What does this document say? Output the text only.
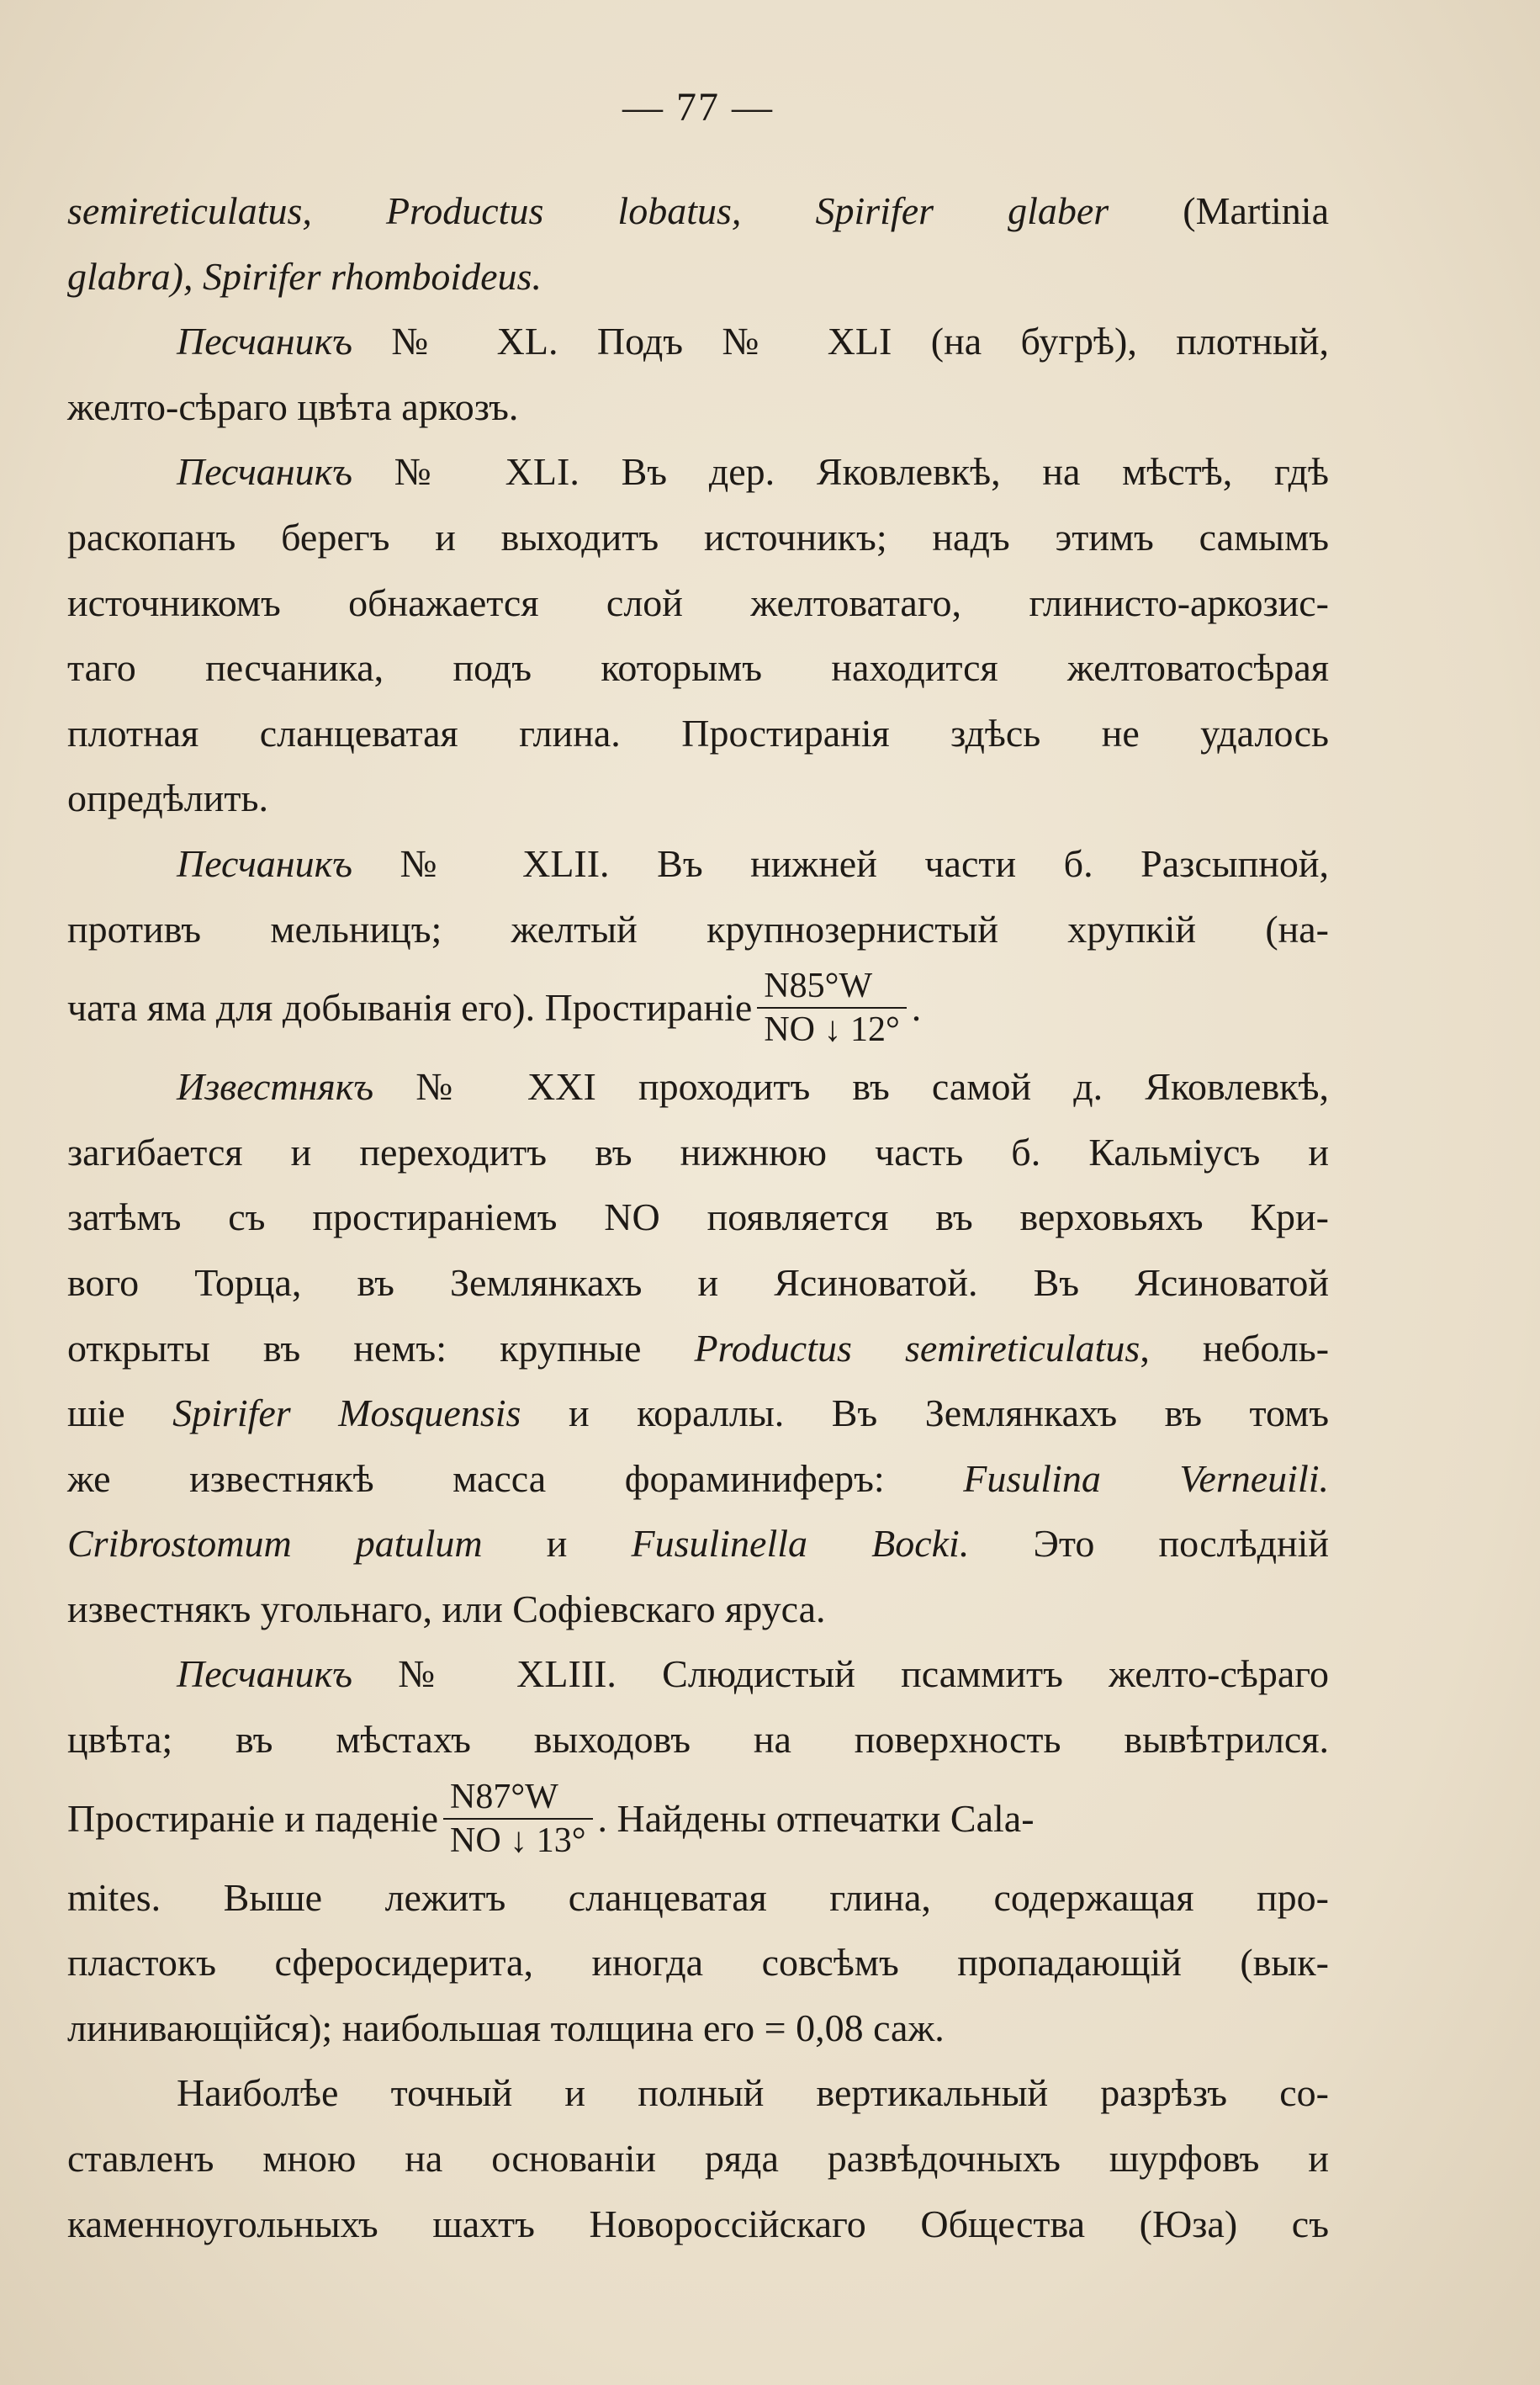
— 77 —
semireticulatus, Productus lobatus, Spirifer glaber (Martinia
glabra), Spirifer rhomboideus.
Песчаникъ № XL. Подъ № XLI (на бугрѣ), плотный,
желто-сѣраго цвѣта аркозъ.
Песчаникъ № XLI. Въ дер. Яковлевкѣ, на мѣстѣ, гдѣ
раскопанъ берегъ и выходитъ источникъ; надъ этимъ самымъ
источникомъ обнажается слой желтоватаго, глинисто-аркозис-
таго песчаника, подъ которымъ находится желтоватосѣрая
плотная сланцеватая глина. Простиранія здѣсь не удалось
опредѣлить.
Песчаникъ № XLII. Въ нижней части б. Разсыпной,
противъ мельницъ; желтый крупнозернистый хрупкій (на-
чата яма для добыванія его). Простираніе $\frac{N85^\circ W}{NO ↓ 12^\circ}$ .
Известнякъ № XXI проходитъ въ самой д. Яковлевкѣ,
загибается и переходитъ въ нижнюю часть б. Кальміусъ и
затѣмъ съ простираніемъ NO появляется въ верховьяхъ Кри-
вого Торца, въ Землянкахъ и Ясиноватой. Въ Ясиноватой
открыты въ немъ: крупные Productus semireticulatus, неболь-
шіе Spirifer Mosquensis и кораллы. Въ Землянкахъ въ томъ
же известнякѣ масса фораминиферъ: Fusulina Verneuili.
Cribrostomum patulum и Fusulinella Bocki. Это послѣдній
известнякъ угольнаго, или Софіевскаго яруса.
Песчаникъ № XLIII. Слюдистый псаммитъ желто-сѣраго
цвѣта; въ мѣстахъ выходовъ на поверхность вывѣтрился.
Простираніе и паденіе $\frac{N87^\circ W}{NO ↓ 13^\circ}$ . Найдены отпечатки Cala-
mites. Выше лежитъ сланцеватая глина, содержащая про-
пластокъ сферосидерита, иногда совсѣмъ пропадающій (вык-
линивающійся); наибольшая толщина его = 0,08 саж.
Наиболѣе точный и полный вертикальный разрѣзъ со-
ставленъ мною на основаніи ряда развѣдочныхъ шурфовъ и
каменноугольныхъ шахтъ Новороссійскаго Общества (Юза) съ
